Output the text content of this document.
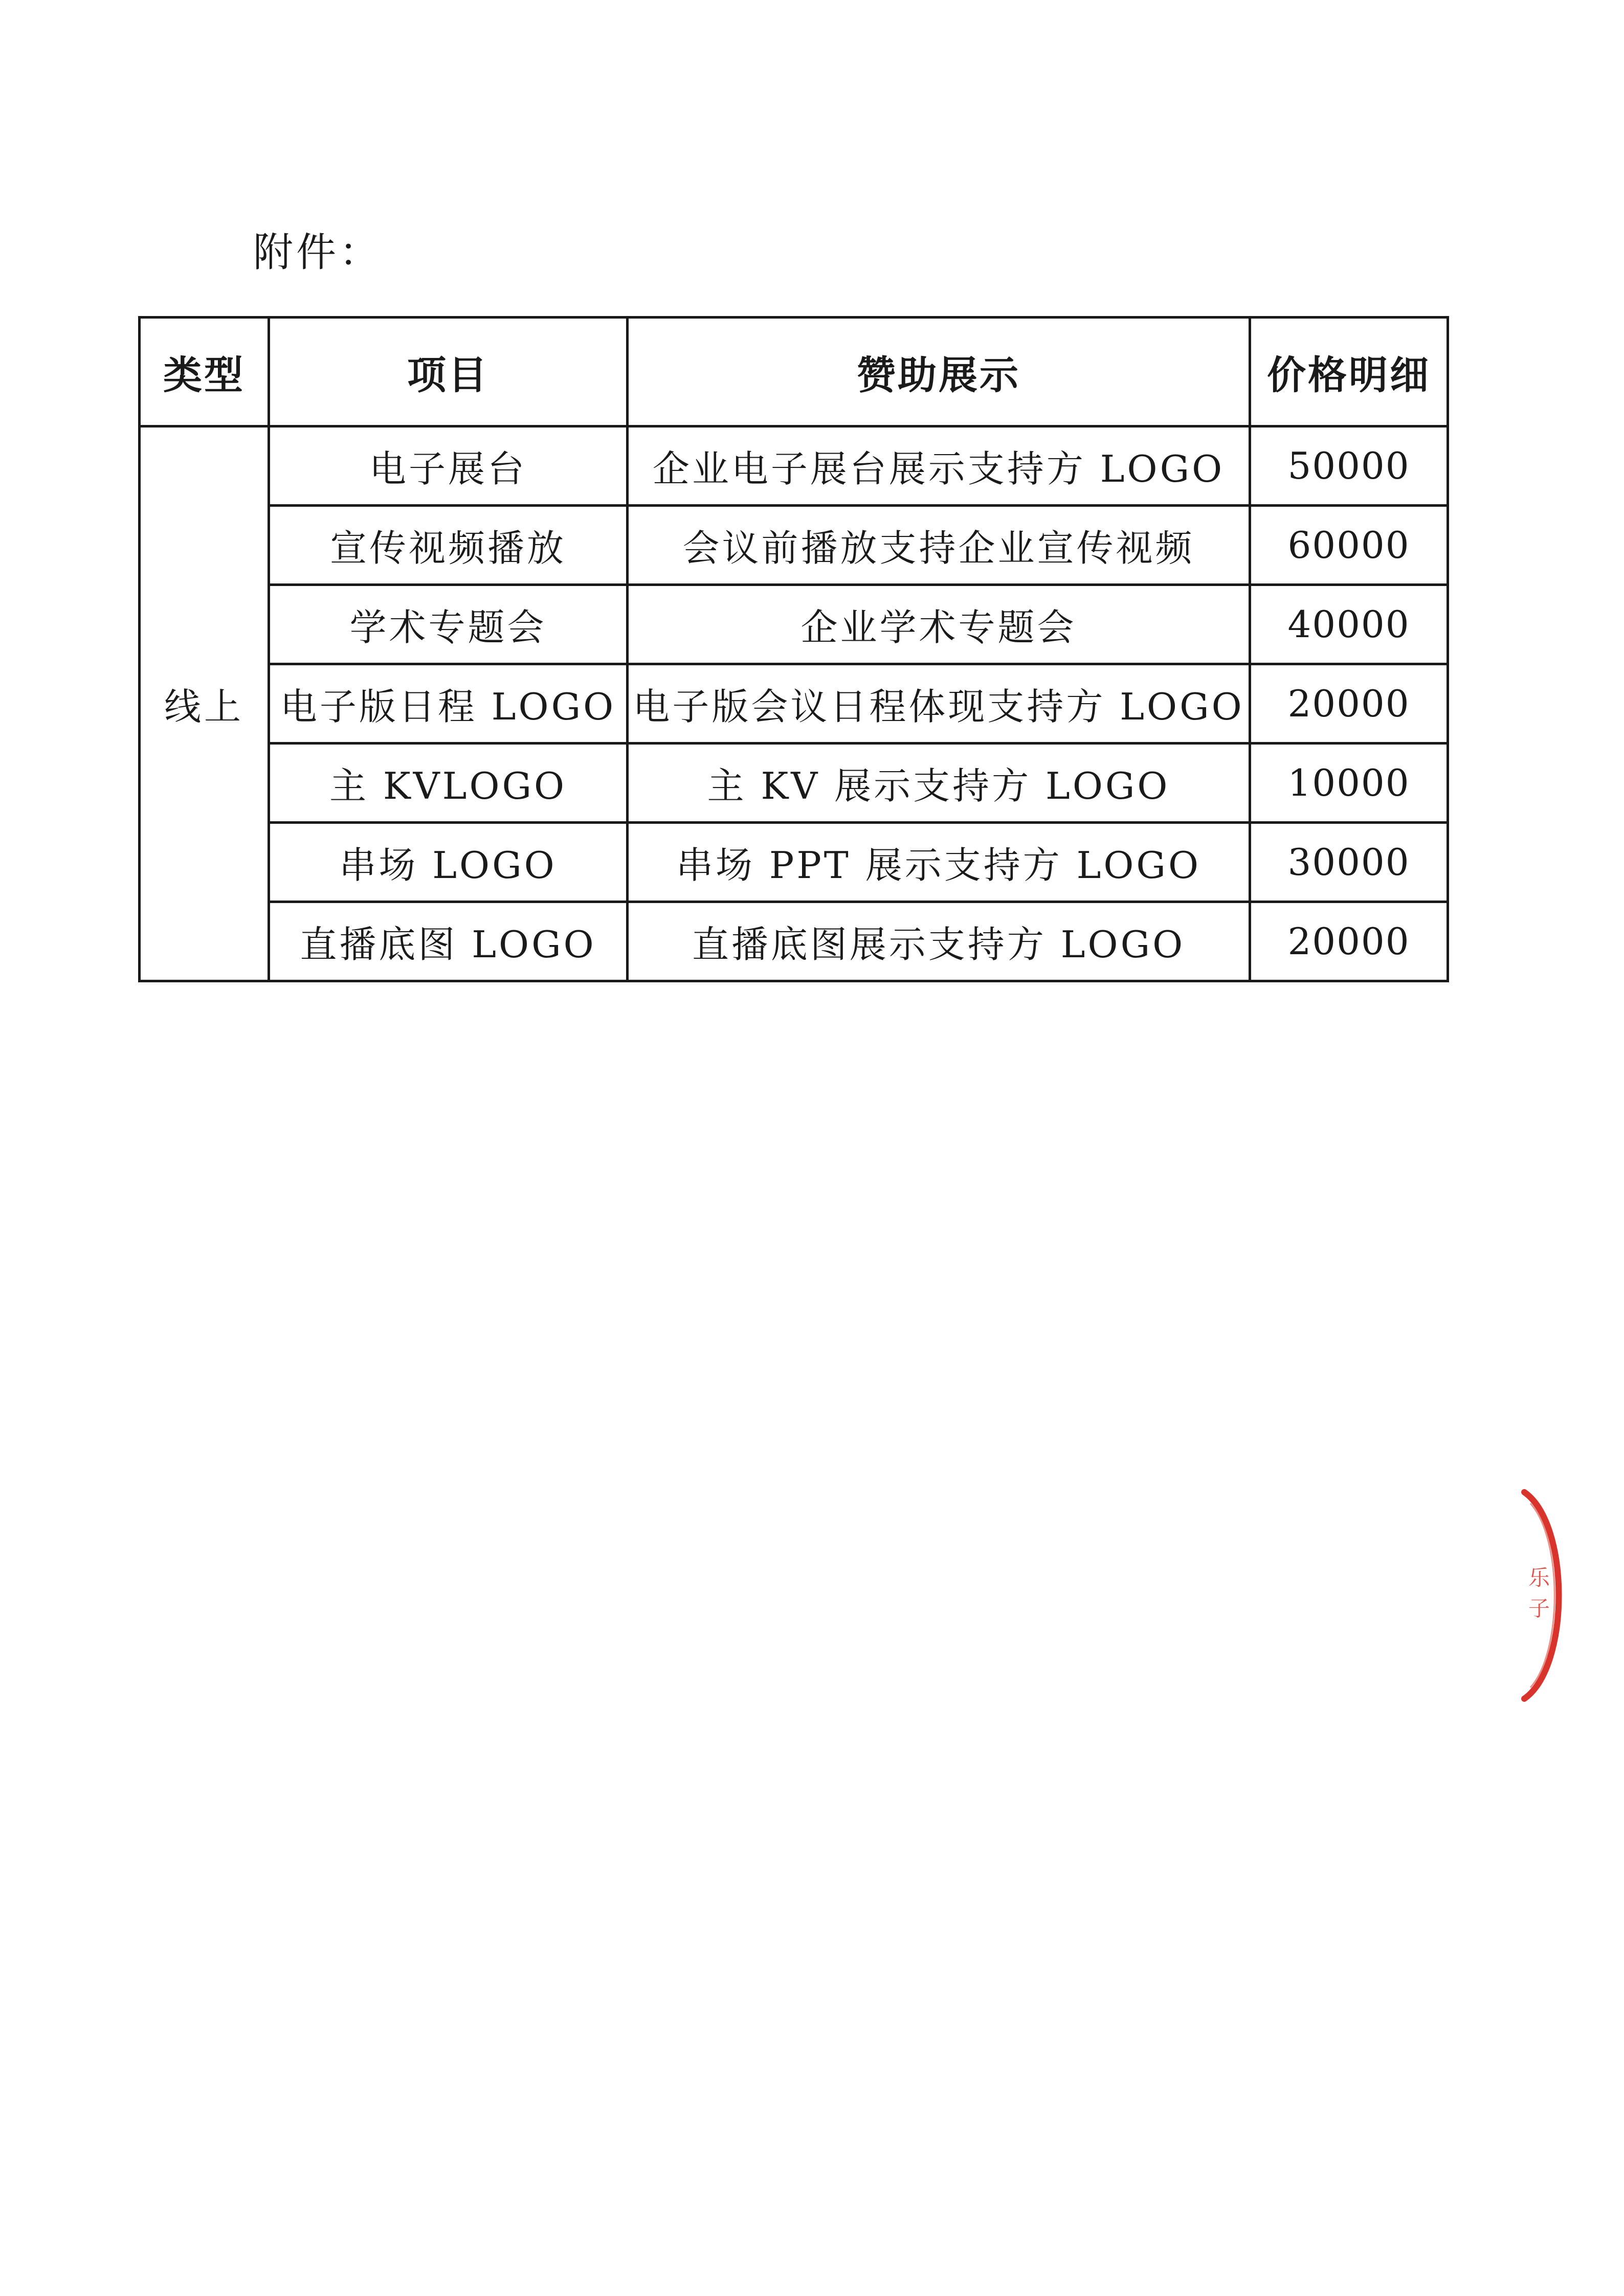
附件：
类型	项目	赞助展示	价格明细
线上	电子展台	企业电子展台展示支持方 LOGO	50000
	宣传视频播放	会议前播放支持企业宣传视频	60000
	学术专题会	企业学术专题会	40000
	电子版日程 LOGO	电子版会议日程体现支持方 LOGO	20000
	主 KVLOGO	主 KV 展示支持方 LOGO	10000
	串场 LOGO	串场 PPT 展示支持方 LOGO	30000
	直播底图 LOGO	直播底图展示支持方 LOGO	20000
乐
子
